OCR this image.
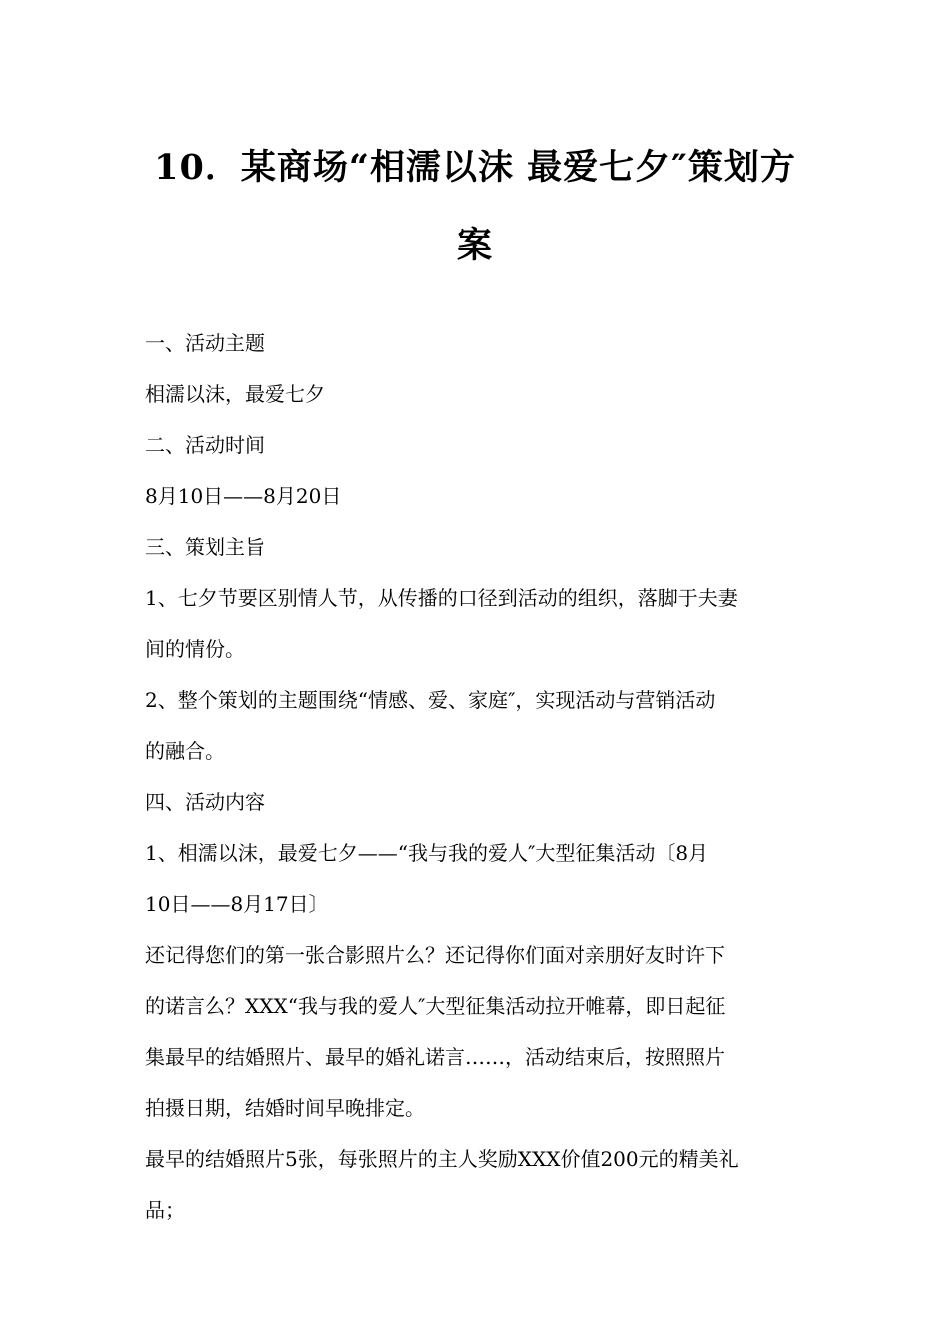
10．某商场“相濡以沫 最爱七夕″策划方
案
一、活动主题
相濡以沫，最爱七夕
二、活动时间
8月10日——8月20日
三、策划主旨
1、七夕节要区别情人节，从传播的口径到活动的组织，落脚于夫妻
间的情份。
2、整个策划的主题围绕“情感、爱、家庭″，实现活动与营销活动
的融合。
四、活动内容
1、相濡以沫，最爱七夕——“我与我的爱人″大型征集活动〔8月
10日——8月17日〕
还记得您们的第一张合影照片么？还记得你们面对亲朋好友时许下
的诺言么？XXX“我与我的爱人″大型征集活动拉开帷幕，即日起征
集最早的结婚照片、最早的婚礼诺言……，活动结束后，按照照片
拍摄日期，结婚时间早晚排定。
最早的结婚照片5张，每张照片的主人奖励XXX价值200元的精美礼
品；
